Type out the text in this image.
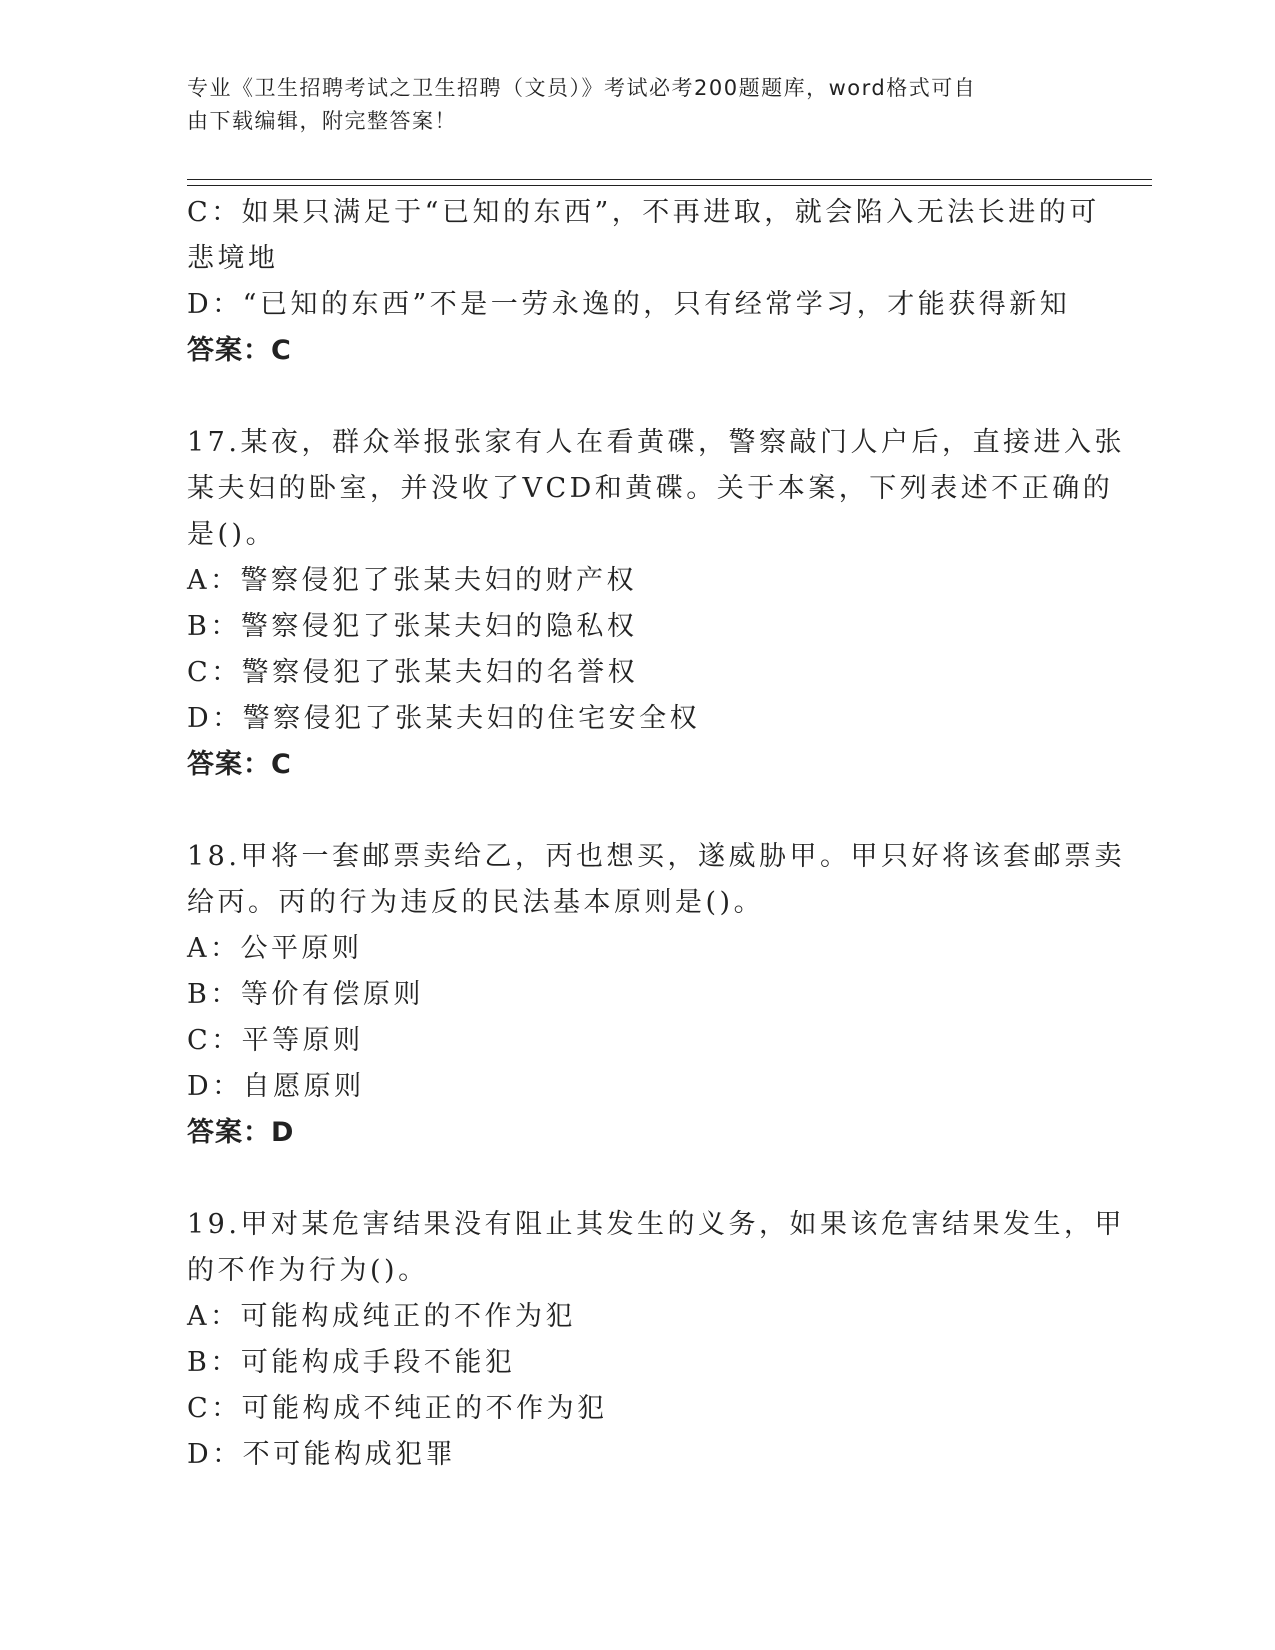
专业《卫生招聘考试之卫生招聘（文员）》考试必考200题题库，word格式可自
由下载编辑，附完整答案！
C：如果只满足于“已知的东西”，不再进取，就会陷入无法长进的可
悲境地
D：“已知的东西”不是一劳永逸的，只有经常学习，才能获得新知
答案：C
17.某夜，群众举报张家有人在看黄碟，警察敲门人户后，直接进入张
某夫妇的卧室，并没收了VCD和黄碟。关于本案，下列表述不正确的
是()。
A：警察侵犯了张某夫妇的财产权
B：警察侵犯了张某夫妇的隐私权
C：警察侵犯了张某夫妇的名誉权
D：警察侵犯了张某夫妇的住宅安全权
答案：C
18.甲将一套邮票卖给乙，丙也想买，遂威胁甲。甲只好将该套邮票卖
给丙。丙的行为违反的民法基本原则是()。
A：公平原则
B：等价有偿原则
C：平等原则
D：自愿原则
答案：D
19.甲对某危害结果没有阻止其发生的义务，如果该危害结果发生，甲
的不作为行为()。
A：可能构成纯正的不作为犯
B：可能构成手段不能犯
C：可能构成不纯正的不作为犯
D：不可能构成犯罪
